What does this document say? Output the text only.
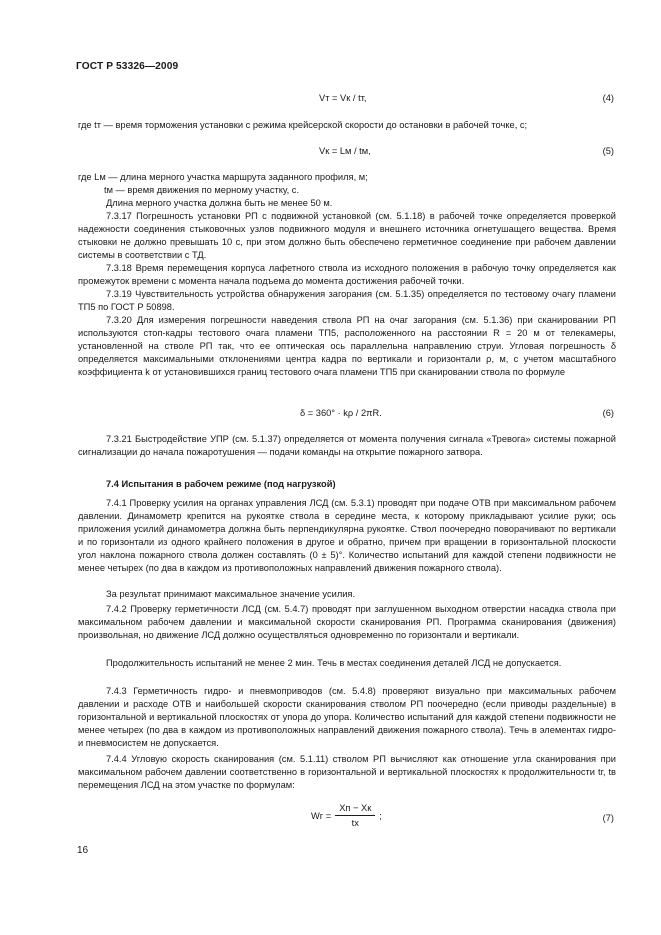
ГОСТ Р 53326—2009
Vт = Vк / tт,	(4)
где tт — время торможения установки с режима крейсерской скорости до остановки в рабочей точке, с;
Vк = Lм / tм,	(5)
где Lм — длина мерного участка маршрута заданного профиля, м;
tм — время движения по мерному участку, с.
Длина мерного участка должна быть не менее 50 м.
7.3.17 Погрешность установки РП с подвижной установкой (см. 5.1.18) в рабочей точке определяется проверкой надежности соединения стыковочных узлов подвижного модуля и внешнего источника огнетушащего вещества. Время стыковки не должно превышать 10 с, при этом должно быть обеспечено герметичное соединение при рабочем давлении системы в соответствии с ТД.
7.3.18 Время перемещения корпуса лафетного ствола из исходного положения в рабочую точку определяется как промежуток времени с момента начала подъема до момента достижения рабочей точки.
7.3.19 Чувствительность устройства обнаружения загорания (см. 5.1.35) определяется по тестовому очагу пламени ТП5 по ГОСТ Р 50898.
7.3.20 Для измерения погрешности наведения ствола РП на очаг загорания (см. 5.1.36) при сканировании РП используются стоп-кадры тестового очага пламени ТП5, расположенного на расстоянии R = 20 м от телекамеры, установленной на стволе РП так, что ее оптическая ось параллельна направлению струи. Угловая погрешность δ определяется максимальными отклонениями центра кадра по вертикали и горизонтали ρ, м, с учетом масштабного коэффициента k от установившихся границ тестового очага пламени ТП5 при сканировании ствола по формуле
δ = 360° · kρ / 2πR.	(6)
7.3.21 Быстродействие УПР (см. 5.1.37) определяется от момента получения сигнала «Тревога» системы пожарной сигнализации до начала пожаротушения — подачи команды на открытие пожарного затвора.
7.4 Испытания в рабочем режиме (под нагрузкой)
7.4.1 Проверку усилия на органах управления ЛСД (см. 5.3.1) проводят при подаче ОТВ при максимальном рабочем давлении. Динамометр крепится на рукоятке ствола в середине места, к которому прикладывают усилие руки; ось приложения усилий динамометра должна быть перпендикулярна рукоятке. Ствол поочередно поворачивают по вертикали и по горизонтали из одного крайнего положения в другое и обратно, причем при вращении в горизонтальной плоскости угол наклона пожарного ствола должен составлять (0 ± 5)°. Количество испытаний для каждой степени подвижности не менее четырех (по два в каждом из противоположных направлений движения пожарного ствола).
За результат принимают максимальное значение усилия.
7.4.2 Проверку герметичности ЛСД (см. 5.4.7) проводят при заглушенном выходном отверстии насадка ствола при максимальном рабочем давлении и максимальной скорости сканирования РП. Программа сканирования (движения) произвольная, но движение ЛСД должно осуществляться одновременно по горизонтали и вертикали.
Продолжительность испытаний не менее 2 мин. Течь в местах соединения деталей ЛСД не допускается.
7.4.3 Герметичность гидро- и пневмоприводов (см. 5.4.8) проверяют визуально при максимальных рабочем давлении и расходе ОТВ и наибольшей скорости сканирования стволом РП поочередно (если приводы раздельные) в горизонтальной и вертикальной плоскостях от упора до упора. Количество испытаний для каждой степени подвижности не менее четырех (по два в каждом из противоположных направлений движения пожарного ствола). Течь в элементах гидро- и пневмосистем не допускается.
7.4.4 Угловую скорость сканирования (см. 5.1.11) стволом РП вычисляют как отношение угла сканирования при максимальном рабочем давлении соответственно в горизонтальной и вертикальной плоскостях к продолжительности tг, tв перемещения ЛСД на этом участке по формулам:
Wг =
Xп − Xк
tх
;	(7)
16
